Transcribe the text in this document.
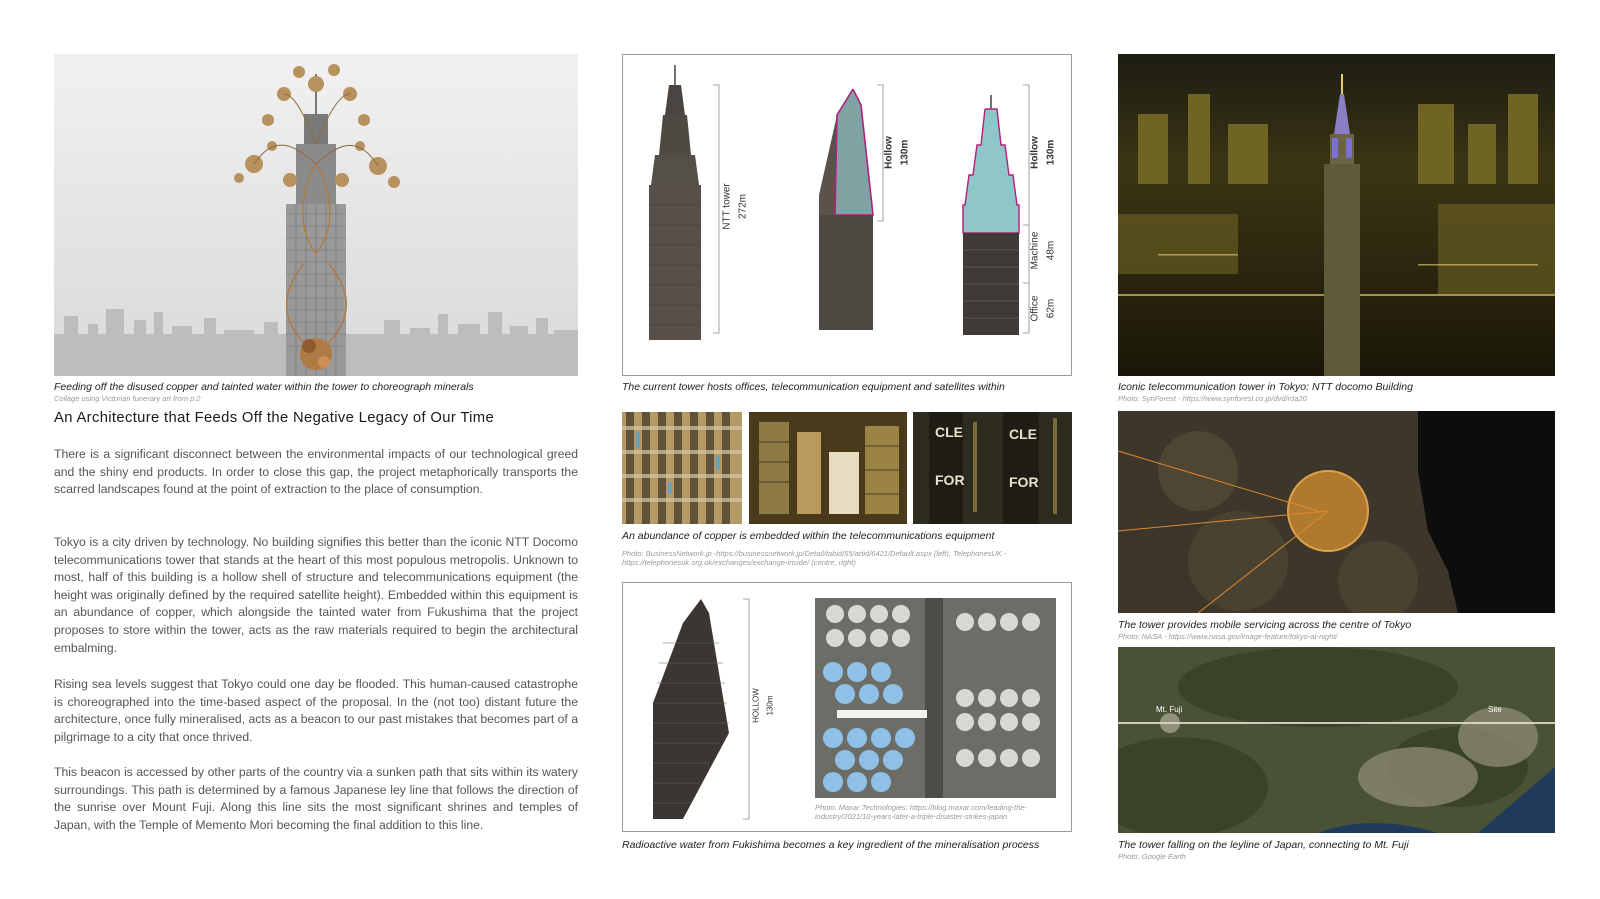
Feeding off the disused copper and tainted water within the tower to choreograph minerals
Collage using Victorian funerary art from p.2
An Architecture that Feeds Off the Negative Legacy of Our Time
There is a significant disconnect between the environmental impacts of our technological greed and the shiny end products. In order to close this gap, the project metaphorically transports the scarred landscapes found at the point of extraction to the place of consumption.
Tokyo is a city driven by technology. No building signifies this better than the iconic NTT Docomo telecommunications tower that stands at the heart of this most populous metropolis. Unknown to most, half of this building is a hollow shell of structure and telecommunications equipment (the height was originally defined by the required satellite height). Embedded within this equipment is an abundance of copper, which alongside the tainted water from Fukushima that the project proposes to store within the tower, acts as the raw materials required to begin the architectural embalming.
Rising sea levels suggest that Tokyo could one day be flooded. This human-caused catastrophe is choreographed into the time-based aspect of the proposal. In the (not too) distant future the architecture, once fully mineralised, acts as a beacon to our past mistakes that becomes part of a pilgrimage to a city that once thrived.
This beacon is accessed by other parts of the country via a sunken path that sits within its watery surroundings. This path is determined by a famous Japanese ley line that follows the direction of the sunrise over Mount Fuji. Along this line sits the most significant shrines and temples of Japan, with the Temple of Memento Mori becoming the final addition to this line.
NTT tower 272m
Hollow 130m	Hollow 130m
Machine 48m
Office 62m
The current tower hosts offices, telecommunication equipment and satellites within
CLE
FOR
CLE
FOR
An abundance of copper is embedded within the telecommunications equipment
Photo: BusinessNetwork.jp -https://businessnetwork.jp/Detail/tabid/65/artid/6421/Default.aspx (left), TelephonesUK - https://telephonesuk.org.uk/exchanges/exchange-inside/ (centre, right)
HOLLOW 130m
Photo: Maxar Technologies: https://blog.maxar.com/leading-the-industry/2021/10-years-later-a-triple-disaster-strikes-japan
Radioactive water from Fukishima becomes a key ingredient of the mineralisation process
Iconic telecommunication tower in Tokyo: NTT docomo Building
Photo: SynForest - https://www.synforest.co.jp/dvd/rda20
The tower provides mobile servicing across the centre of Tokyo
Photo: NASA - https://www.nasa.gov/image-feature/tokyo-at-night/
Mt. Fuji	Site
The tower falling on the leyline of Japan, connecting to Mt. Fuji
Photo: Google Earth
